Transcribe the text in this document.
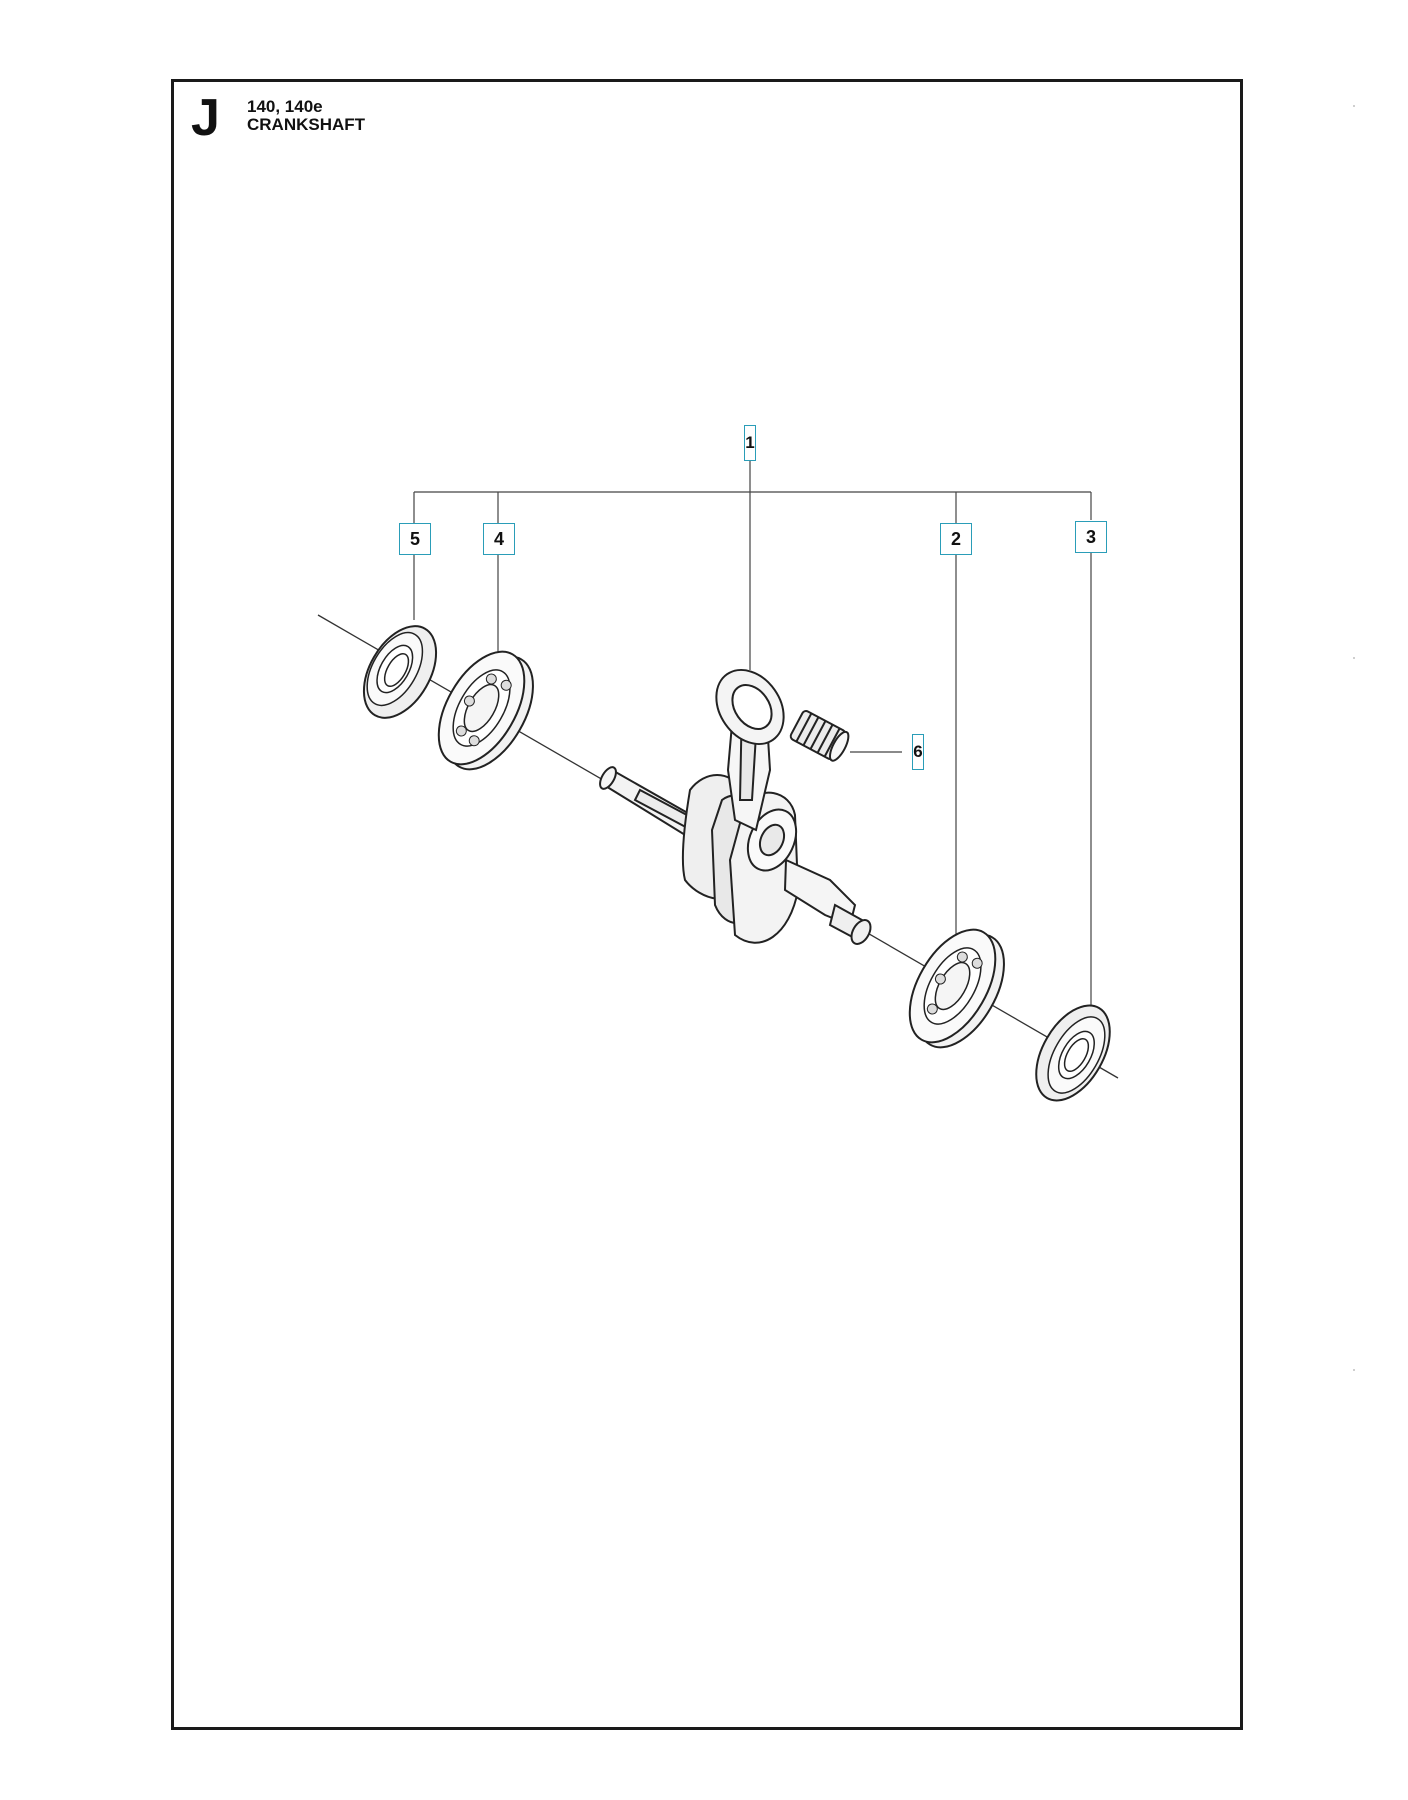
J 140, 140e
CRANKSHAFT
1
5	4	2	3
6
